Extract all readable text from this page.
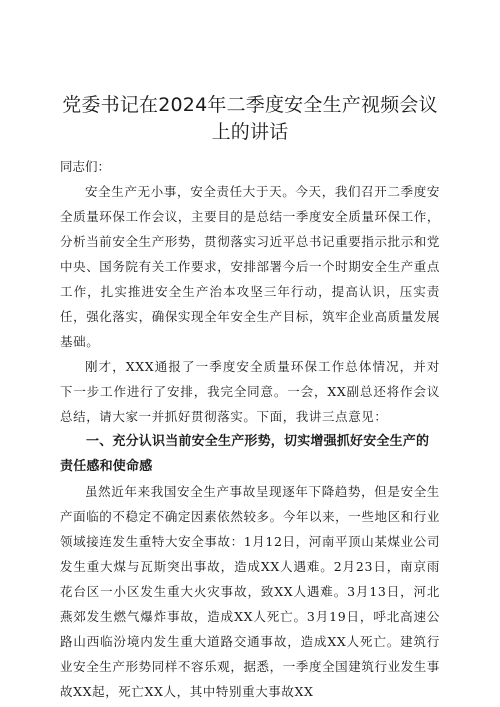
党委书记在2024年二季度安全生产视频会议
上的讲话
同志们：

安全生产无小事，安全责任大于天。今天，我们召开二季度安全质量环保工作会议，主要目的是总结一季度安全质量环保工作，分析当前安全生产形势，贯彻落实习近平总书记重要指示批示和党中央、国务院有关工作要求，安排部署今后一个时期安全生产重点工作，扎实推进安全生产治本攻坚三年行动，提高认识，压实责任，强化落实，确保实现全年安全生产目标，筑牢企业高质量发展基础。

刚才，XXX通报了一季度安全质量环保工作总体情况，并对下一步工作进行了安排，我完全同意。一会，XX副总还将作会议总结，请大家一并抓好贯彻落实。下面，我讲三点意见：

一、充分认识当前安全生产形势，切实增强抓好安全生产的责任感和使命感

虽然近年来我国安全生产事故呈现逐年下降趋势，但是安全生产面临的不稳定不确定因素依然较多。今年以来，一些地区和行业领域接连发生重特大安全事故：1月12日，河南平顶山某煤业公司发生重大煤与瓦斯突出事故，造成XX人遇难。2月23日，南京雨花台区一小区发生重大火灾事故，致XX人遇难。3月13日，河北燕郊发生燃气爆炸事故，造成XX人死亡。3月19日，呼北高速公路山西临汾境内发生重大道路交通事故，造成XX人死亡。建筑行业安全生产形势同样不容乐观，据悉，一季度全国建筑行业发生事故XX起，死亡XX人，其中特别重大事故XX
